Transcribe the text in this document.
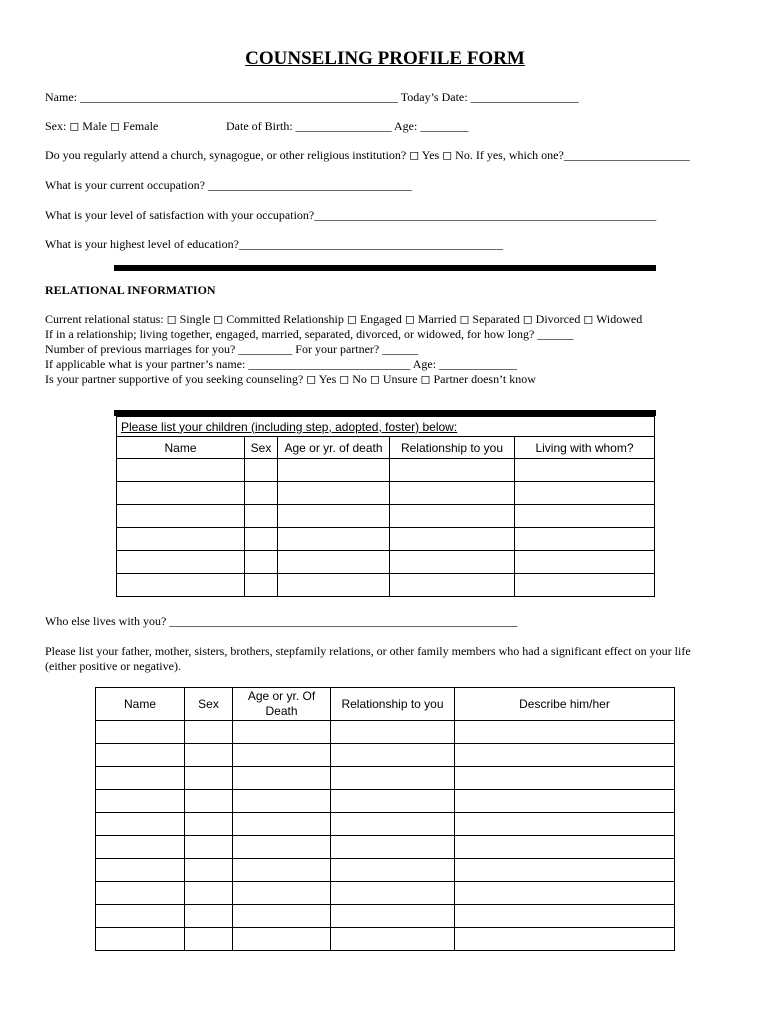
COUNSELING PROFILE FORM
Name: _____________________________________________________ Today’s Date: __________________
Sex: ◻ Male ◻ Female	Date of Birth: ________________ Age: ________
Do you regularly attend a church, synagogue, or other religious institution? ◻ Yes ◻ No. If yes, which one?_____________________
What is your current occupation? __________________________________
What is your level of satisfaction with your occupation?_________________________________________________________
What is your highest level of education?____________________________________________
RELATIONAL INFORMATION
Current relational status: ◻ Single ◻ Committed Relationship ◻ Engaged ◻ Married ◻ Separated ◻ Divorced ◻ Widowed
If in a relationship; living together, engaged, married, separated, divorced, or widowed, for how long? ______
Number of previous marriages for you? _________ For your partner? ______
If applicable what is your partner’s name: ___________________________ Age: _____________
Is your partner supportive of you seeking counseling? ◻ Yes ◻ No ◻ Unsure ◻ Partner doesn’t know
Please list your children (including step, adopted, foster) below:				
Name	Sex	Age or yr. of death	Relationship to you	Living with whom?

Who else lives with you? __________________________________________________________
Please list your father, mother, sisters, brothers, stepfamily relations, or other family members who had a significant effect on your life
(either positive or negative).
Name	Sex	Age or yr. Of Death	Relationship to you	Describe him/her
